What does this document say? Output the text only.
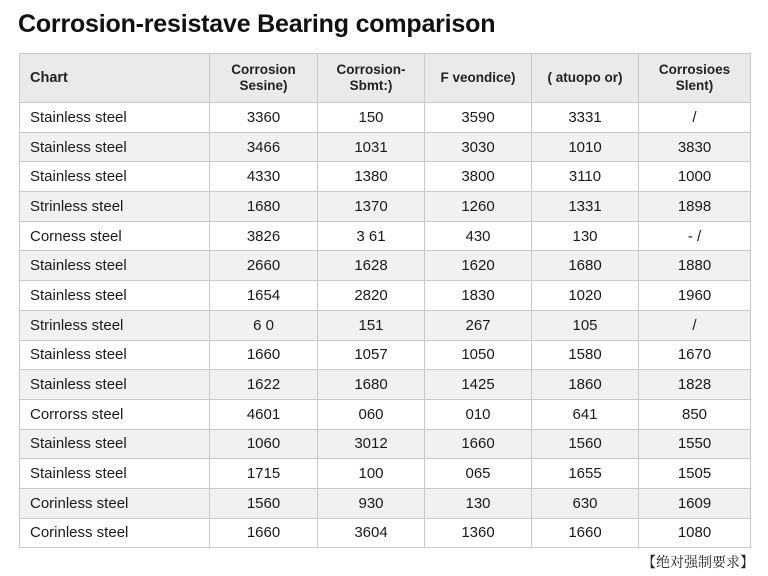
Corrosion-resistave Bearing comparison
Chart	Corrosion Sesine)	Corrosion- Sbmt:)	F veondice)	( atuopo or)	Corrosioes Slent)
Stainless steel	3360	150	3590	3331	/
Stainless steel	3466	1031	3030	1010	3830
Stainless steel	4330	1380	3800	3110	1000
Strinless steel	1680	1370	1260	1331	1898
Corness steel	3826	3 61	430	130	- /
Stainless steel	2660	1628	1620	1680	1880
Stainless steel	1654	2820	1830	1020	1960
Strinless steel	6 0	151	267	105	/
Stainless steel	1660	1057	1050	1580	1670
Stainless steel	1622	1680	1425	1860	1828
Corrorss steel	4601	060	010	641	850
Stainless steel	1060	3012	1660	1560	1550
Stainless steel	1715	100	065	1655	1505
Corinless steel	1560	930	130	630	1609
Corinless steel	1660	3604	1360	1660	1080
【绝对强制要求】
